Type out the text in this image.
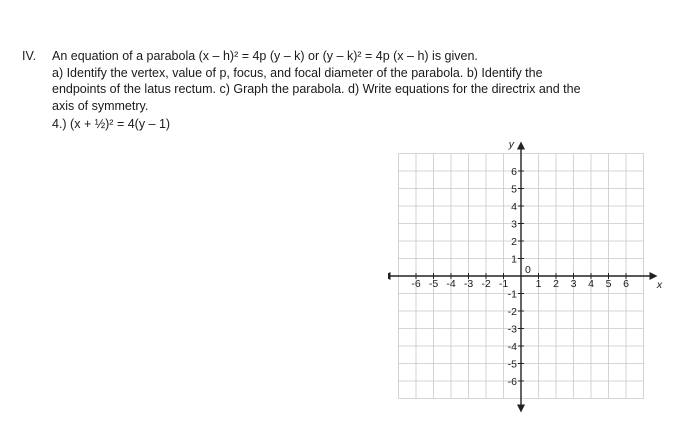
IV. An equation of a parabola (x – h)² = 4p (y – k) or (y – k)² = 4p (x – h) is given.
a) Identify the vertex, value of p, focus, and focal diameter of the parabola. b) Identify the
endpoints of the latus rectum. c) Graph the parabola. d) Write equations for the directrix and the
axis of symmetry.
4.) (x + ½)² = 4(y – 1)
-6 -5 -4 -3 -2 -1	1 2 3 4 5 6
6
5
4
3
2
1
-1
-2
-3
-4
-5
-6
0
x
y
